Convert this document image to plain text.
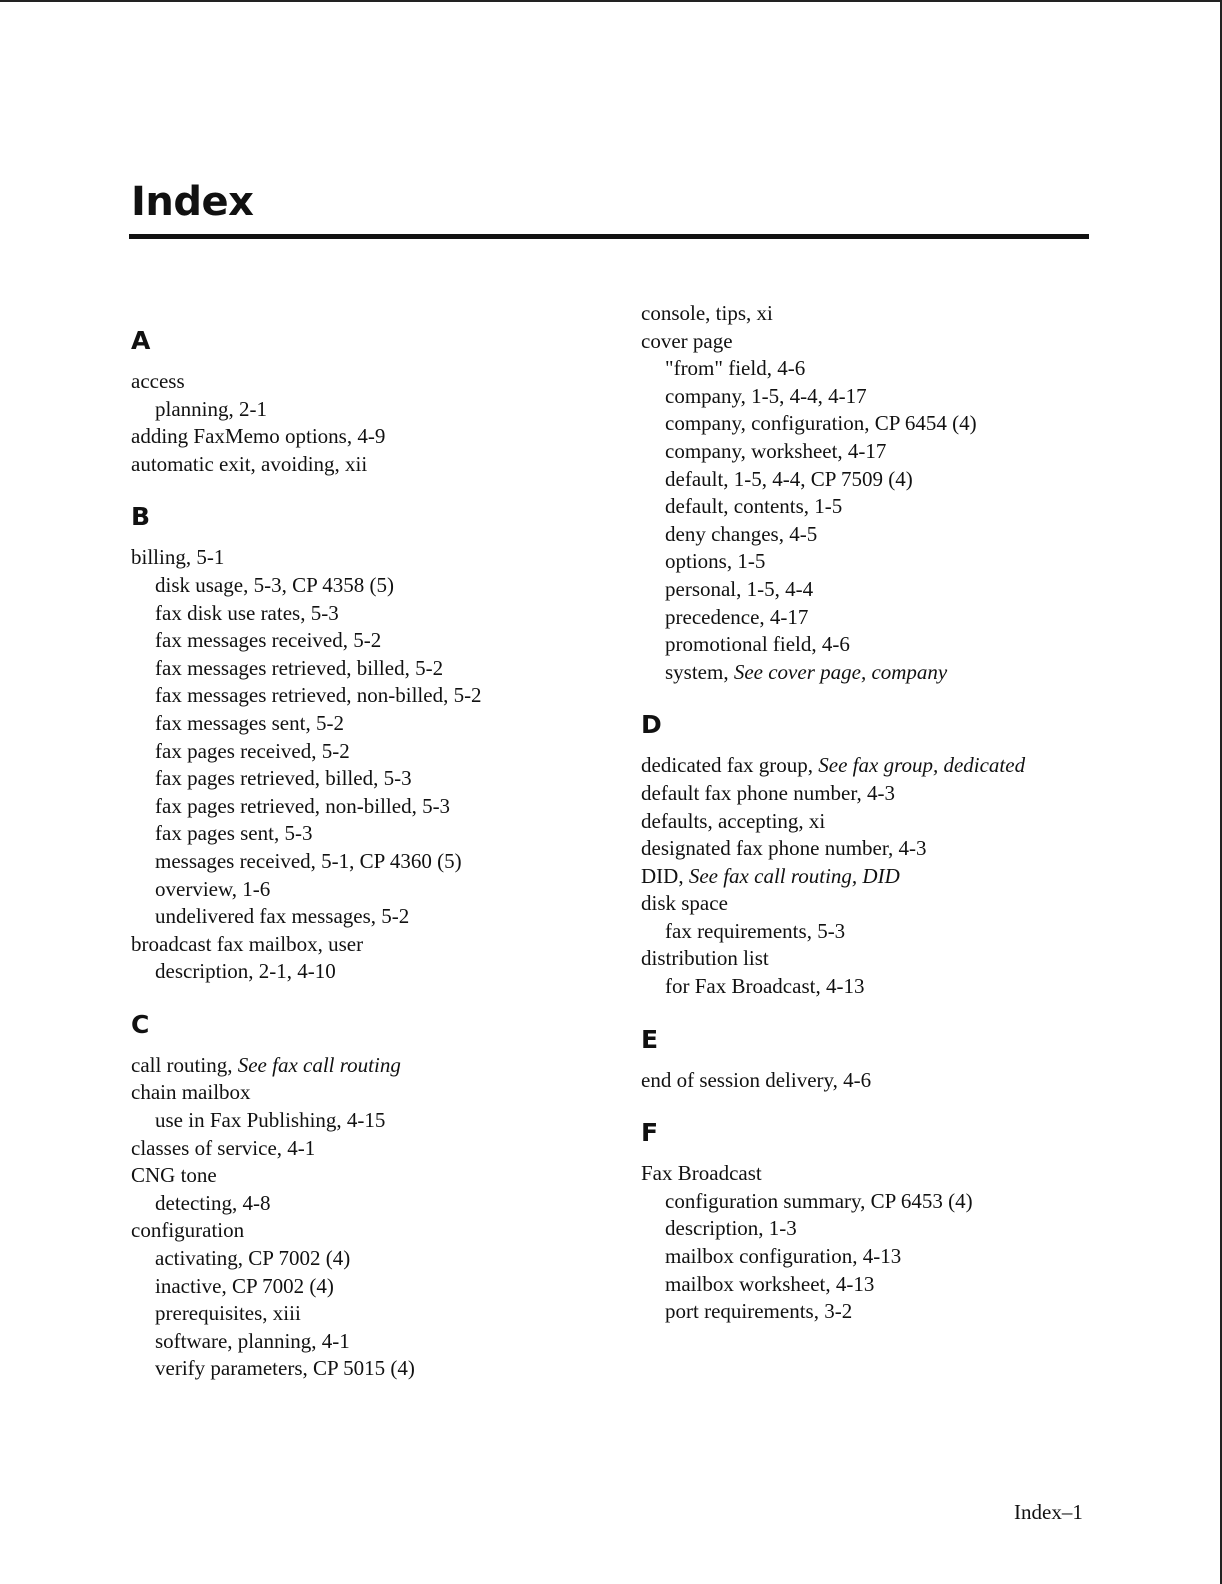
Index
A
access
planning, 2-1
adding FaxMemo options, 4-9
automatic exit, avoiding, xii
B
billing, 5-1
disk usage, 5-3, CP 4358 (5)
fax disk use rates, 5-3
fax messages received, 5-2
fax messages retrieved, billed, 5-2
fax messages retrieved, non-billed, 5-2
fax messages sent, 5-2
fax pages received, 5-2
fax pages retrieved, billed, 5-3
fax pages retrieved, non-billed, 5-3
fax pages sent, 5-3
messages received, 5-1, CP 4360 (5)
overview, 1-6
undelivered fax messages, 5-2
broadcast fax mailbox, user
description, 2-1, 4-10
C
call routing, See fax call routing
chain mailbox
use in Fax Publishing, 4-15
classes of service, 4-1
CNG tone
detecting, 4-8
configuration
activating, CP 7002 (4)
inactive, CP 7002 (4)
prerequisites, xiii
software, planning, 4-1
verify parameters, CP 5015 (4)
console, tips, xi
cover page
"from" field, 4-6
company, 1-5, 4-4, 4-17
company, configuration, CP 6454 (4)
company, worksheet, 4-17
default, 1-5, 4-4, CP 7509 (4)
default, contents, 1-5
deny changes, 4-5
options, 1-5
personal, 1-5, 4-4
precedence, 4-17
promotional field, 4-6
system, See cover page, company
D
dedicated fax group, See fax group, dedicated
default fax phone number, 4-3
defaults, accepting, xi
designated fax phone number, 4-3
DID, See fax call routing, DID
disk space
fax requirements, 5-3
distribution list
for Fax Broadcast, 4-13
E
end of session delivery, 4-6
F
Fax Broadcast
configuration summary, CP 6453 (4)
description, 1-3
mailbox configuration, 4-13
mailbox worksheet, 4-13
port requirements, 3-2
Index–1
